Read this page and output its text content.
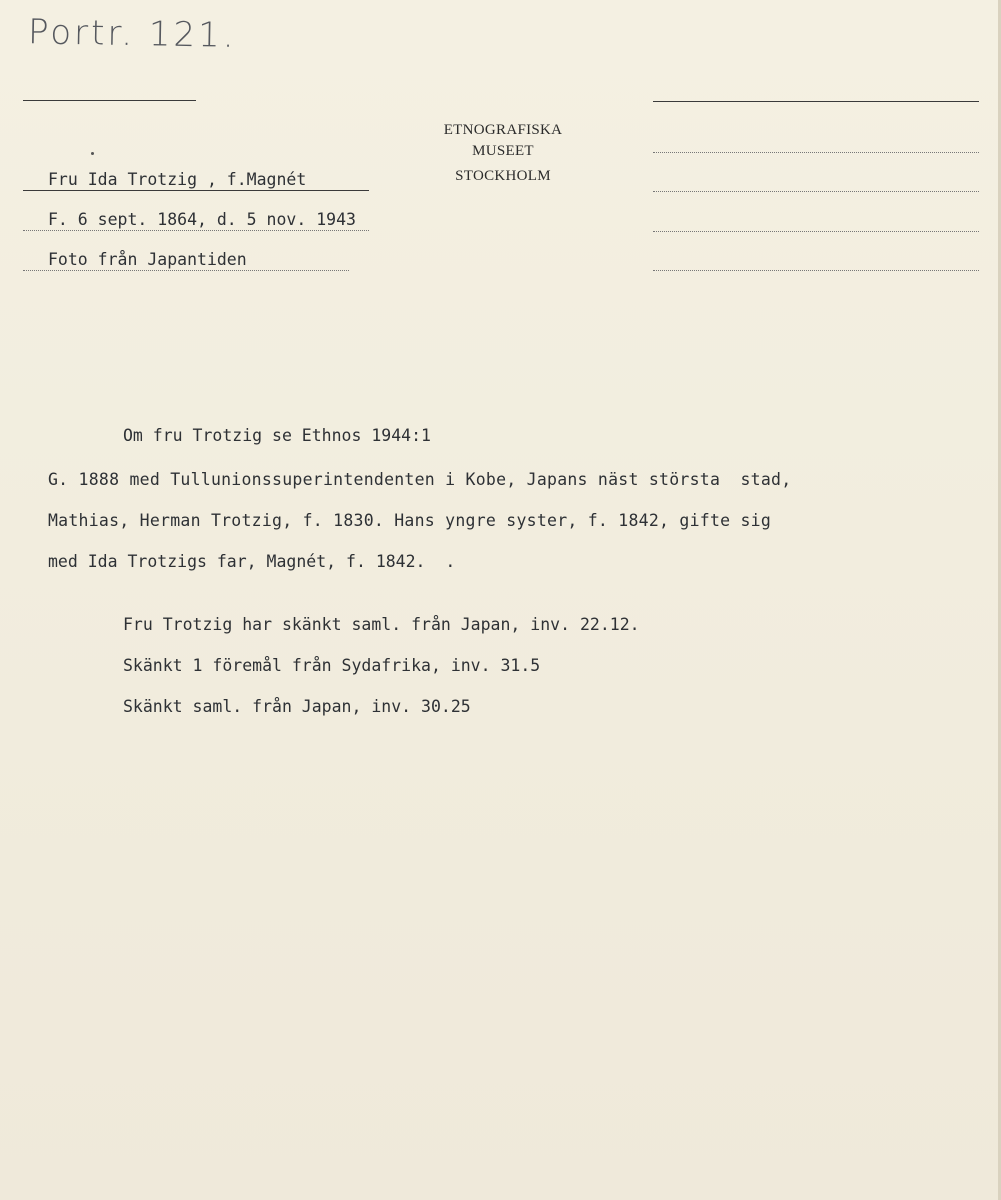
Portr. 121.
ETNOGRAFISKA
MUSEET

STOCKHOLM
Fru Ida Trotzig , f.Magnét
F. 6 sept. 1864, d. 5 nov. 1943
Foto från Japantiden
Om fru Trotzig se Ethnos 1944:1
G. 1888 med Tullunionssuperintendenten i Kobe, Japans näst största  stad,
Mathias, Herman Trotzig, f. 1830. Hans yngre syster, f. 1842, gifte sig
med Ida Trotzigs far, Magnét, f. 1842.  .
Fru Trotzig har skänkt saml. från Japan, inv. 22.12.
Skänkt 1 föremål från Sydafrika, inv. 31.5
Skänkt saml. från Japan, inv. 30.25
